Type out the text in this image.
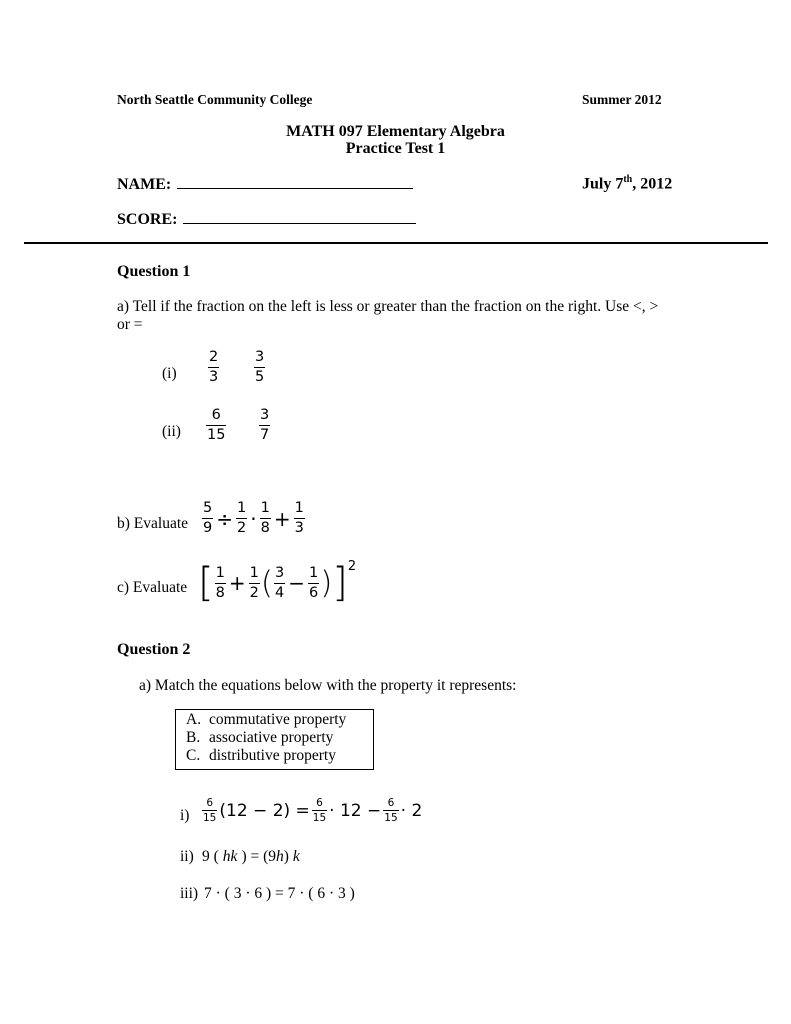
North Seattle Community College	Summer 2012
MATH 097 Elementary Algebra
Practice Test 1
NAME:	July 7th, 2012
SCORE:
Question 1
a) Tell if the fraction on the left is less or greater than the fraction on the right. Use <, >
or =
$(i) \frac{2}{3} \frac{3}{5}$
$(ii) \frac{6}{15} \frac{3}{7}$
b) Evaluate $\frac{5}{9} \div \frac{1}{2} \cdot \frac{1}{8} + \frac{1}{3}$
c) Evaluate [ $\frac{1}{8} + \frac{1}{2}$ ( $\frac{3}{4} - \frac{1}{6} )]^2$
Question 2
a) Match the equations below with the property it represents:
A. commutative property
B. associative property
C. distributive property
$i) \frac{6}{15} (12 - 2) = \frac{6}{15} \cdot 12 - \frac{6}{15} \cdot 2$
ii) 9 ( hk ) = (9h) k
iii) 7 · ( 3 · 6 ) = 7 · ( 6 · 3 )
